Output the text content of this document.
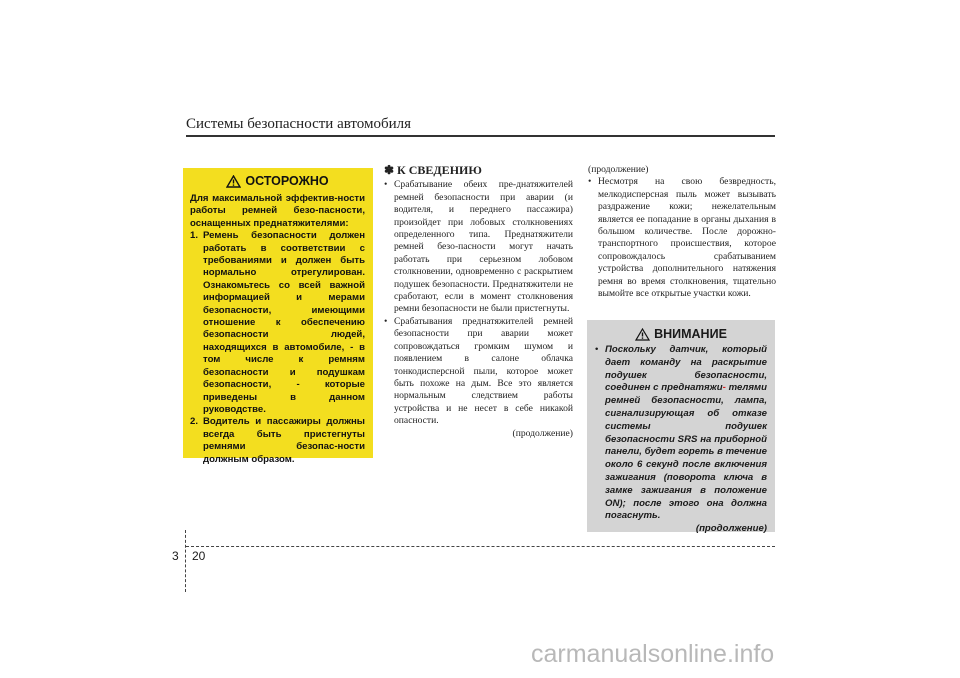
Системы безопасности автомобиля
ОСТОРОЖНО

Для максимальной эффектив-ности работы ремней безо-пасности, оснащенных преднатяжителями:

1. Ремень безопасности должен работать в соответствии с требованиями и должен быть нормально отрегулирован. Ознакомьтесь со всей важной информацией и мерами безопасности, имеющими отношение к обеспечению безопасности людей, находящихся в автомобиле, - в том числе к ремням безопасности и подушкам безопасности, - которые приведены в данном руководстве.
2. Водитель и пассажиры должны всегда быть пристегнуты ремнями безопас-ности должным образом.
✽ К СВЕДЕНИЮ
• Срабатывание обеих пре-днатяжителей ремней безопасности при аварии (и водителя, и переднего пассажира) произойдет при лобовых столкновениях определенного типа. Преднатяжители ремней безо-пасности могут начать работать при серьезном лобовом столкновении, одновременно с раскрытием подушек безопасности. Преднатяжители не сработают, если в момент столкновения ремни безопасности не были пристегнуты.
• Срабатывания преднатяжителей ремней безопасности при аварии может сопровождаться громким шумом и появлением в салоне облачка тонкодисперсной пыли, которое может быть похоже на дым. Все это является нормальным следствием работы устройства и не несет в себе никакой опасности.
(продолжение)
(продолжение)
• Несмотря на свою безвредность, мелкодисперсная пыль может вызывать раздражение кожи; нежелательным является ее попадание в органы дыхания в большом количестве. После дорожно-транспортного происшествия, которое сопровождалось срабатыванием устройства дополнительного натяжения ремня во время столкновения, тщательно вымойте все открытые участки кожи.
ВНИМАНИЕ
• Поскольку датчик, который дает команду на раскрытие подушек безопасности, соединен с преднатяжи- телями ремней безопасности, лампа, сигнализирующая об отказе системы подушек безопасности SRS на приборной панели, будет гореть в течение около 6 секунд после включения зажигания (поворота ключа в замке зажигания в положение ON); после этого она должна погаснуть.
(продолжение)
3 20
carmanualsonline.info
